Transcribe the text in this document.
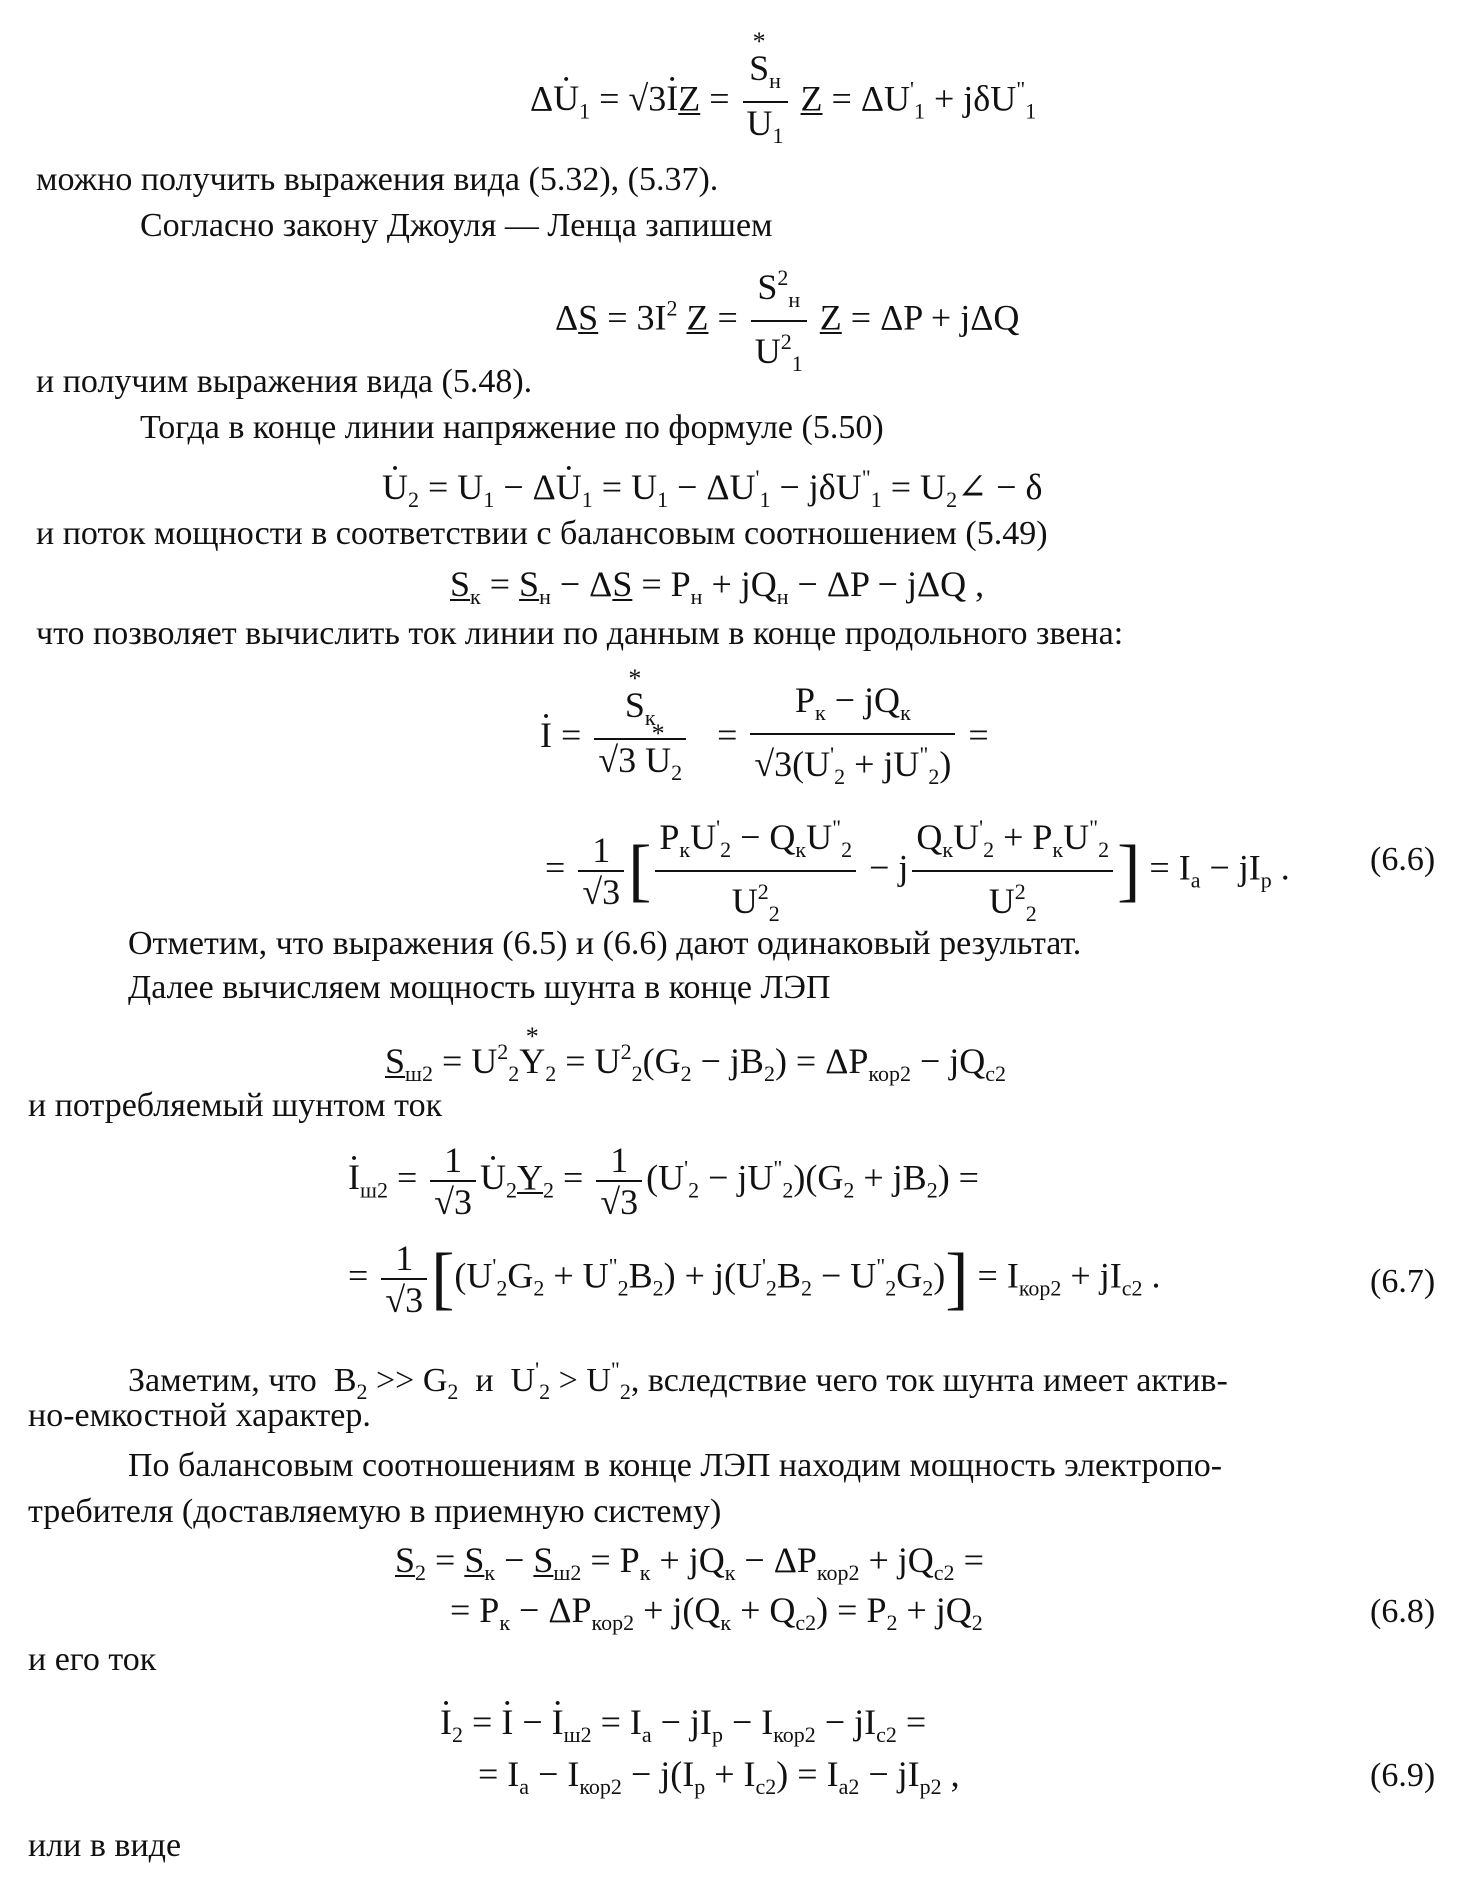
$\Delta U \cdot_1 = √3I \cdot Z = \frac{S *_н}{U_1}$ $Z = \Delta U'_1 + j\delta U^"_1$
можно получить выражения вида (5.32), (5.37).
Согласно закону Джоуля — Ленца запишем
$\Delta S = 3I^2$ $Z = \frac{S^2_н}{U^2_1}$ Z = ΔP + jΔQ
и получим выражения вида (5.48).
Тогда в конце линии напряжение по формуле (5.50)
$U \cdot_2 = U_1 - \Delta U \cdot_1 = U_1 - \Delta U'_1 - j\delta U^"_1$ = $U_2\angle - \delta$
и поток мощности в соответствии с балансовым соотношением (5.49)
$S_к = S_н - \Delta S = P_н + jQ_н - \Delta P - j\Delta Q$ ,
что позволяет вычислить ток линии по данным в конце продольного звена:
I · = $\frac{S *_к}{√3 U *_2} = \frac{P_к - jQ_к}{√3(U'_2 + jU^"_2)}$ =
= $\frac{1}{√3}$ [ $\frac{P_кU'_2 - Q_кU^"_2}{U^2_2} - j \frac{Q_кU'_2 + P_кU^"_2}{U^2_2}$ ] = $I_а - jI_р$ . (6.6)
Отметим, что выражения (6.5) и (6.6) дают одинаковый результат.
Далее вычисляем мощность шунта в конце ЛЭП
$S_{ш2} = U^2_2Y$ $*_2 = U^2_2(G_2 - jB_2) = \Delta P_{кор2} - jQ_{c2}$
и потребляемый шунтом ток
$I \cdot_{ш2} = \frac{1}{√3}$ $U \cdot_2Y_2 = \frac{1}{√3} (U'_2 - jU^"_2)(G_2 + jB_2)$ =
= $\frac{1}{√3} [(U'_2G_2 + U^"_2B_2) + j(U'_2B_2 - U^"_2G_2)] = I_{кор2} + jI_{c2}$ .	(6.7)
Заметим, что  $B_2 >> G_2$ и  $U'_2 > U^"_2$, вследствие чего ток шунта имеет актив-
но-емкостной характер.
По балансовым соотношениям в конце ЛЭП находим мощность электропо-
требителя (доставляемую в приемную систему)
$S_2 = S_к - S_{ш2} = P_к + jQ_к - \Delta P_{кор2} + jQ_{c2}$ =
= $P_к - \Delta P_{кор2} + j(Q_к + Q_{c2}) = P_2 + jQ_2$	(6.8)
и его ток
$I \cdot_2 = I$ · − $I \cdot_{ш2} = I_а - jI_р - I_{кор2} - jI_{c2}$ =
= $I_а - I_{кор2} - j(I_р + I_{c2}) = I_{а2} - jI_{р2}$ ,	(6.9)
или в виде
